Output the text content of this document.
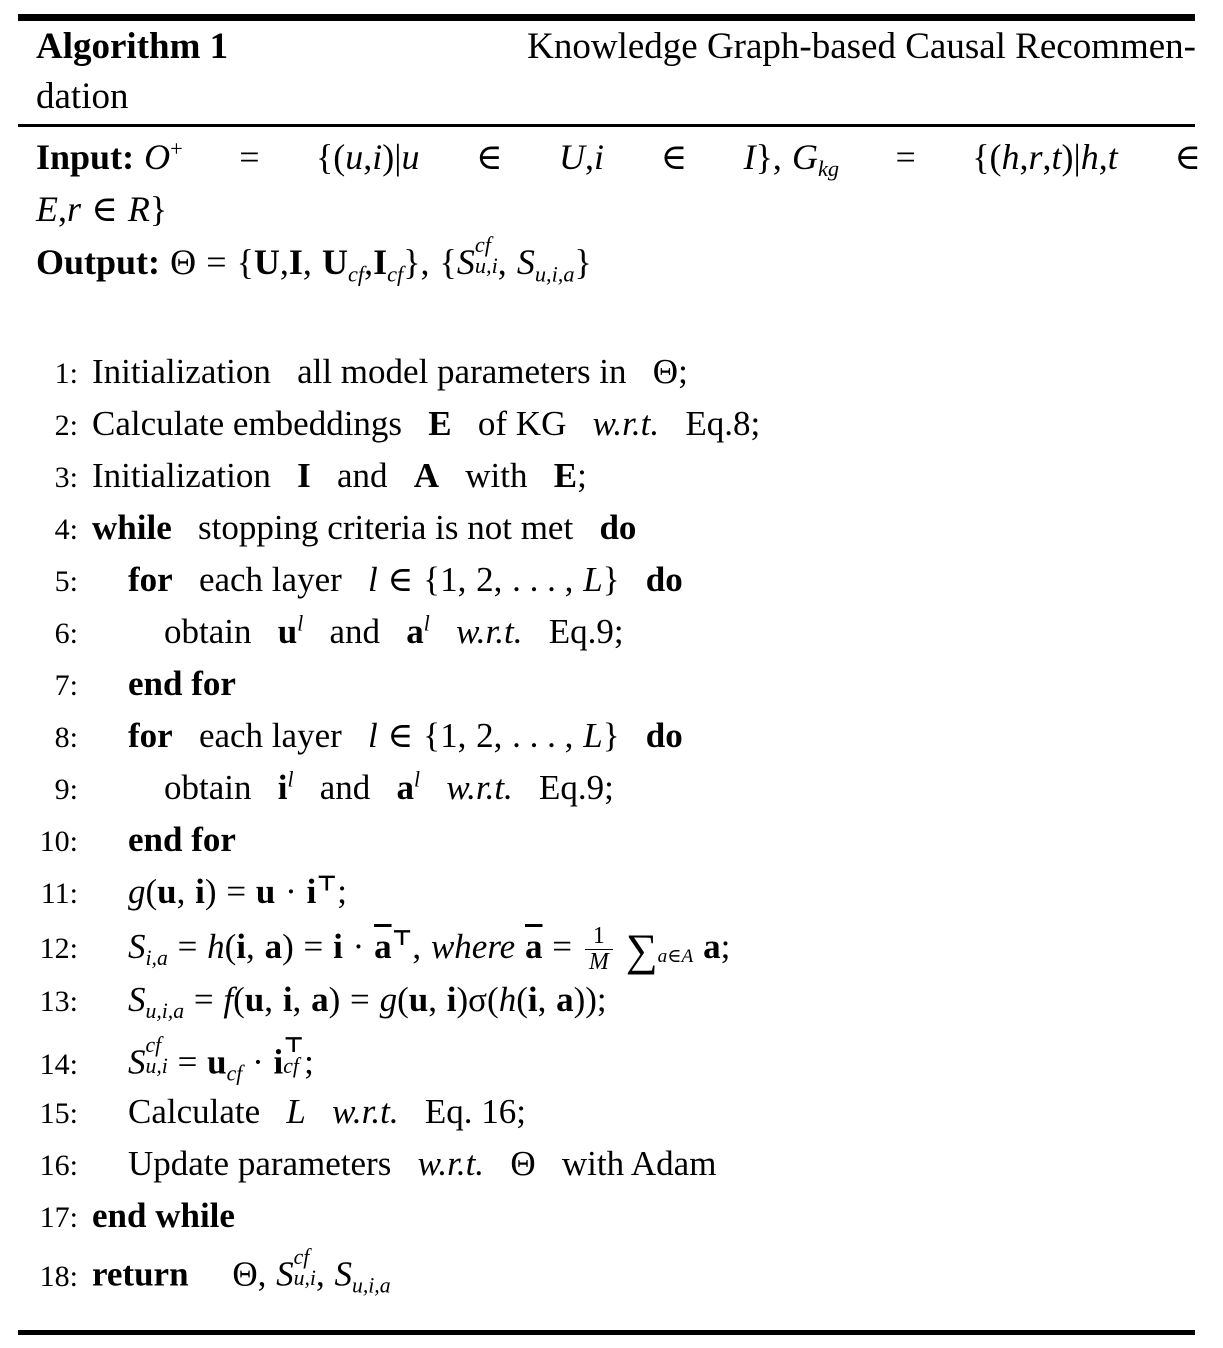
Algorithm 1	Knowledge Graph-based Causal Recommen-
dation
Input: O+ = {(u,i)|u ∈ U,i ∈ I}, $G_{kg} = \{(h,r,t)|h,t$ ∈
E,r ∈ R}
Output: Θ = {U,I, $U_{cf},I_{cf}$}, {S cf
u,i , $S_{u,i,a}$}
1: Initialization all model parameters in Θ;
2: Calculate embeddings E of KG w.r.t. Eq.8;
3: Initialization I and A with E;
4: while stopping criteria is not met do
5:	for each layer l ∈ {1, 2, . . . , L} do
6:	obtain $u^l$ and $a^l$ w.r.t. Eq.9;
7:	end for
8:	for each layer l ∈ {1, 2, . . . , L} do
9:	obtain $i^l$ and $a^l$ w.r.t. Eq.9;
10:	end for
11:	g(u, i) = u · i⊤;
12:	$S_{i,a} = h(i$, $a) = i \cdot \overline{a}^⊤$, where $\overline{a} = \frac{1}{M}$ ∑a∈A a;
13:	$S_{u,i,a} = f(u$, i, a) = g(u, i)σ(h(i, a));
14:	S cf
$u,i = u_{cf} \cdot i$ ⊤
cf ;
15:	Calculate L w.r.t. Eq. 16;
16:	Update parameters w.r.t. Θ with Adam
17: end while
18: return Θ, S cf
u,i , $S_{u,i,a}$
